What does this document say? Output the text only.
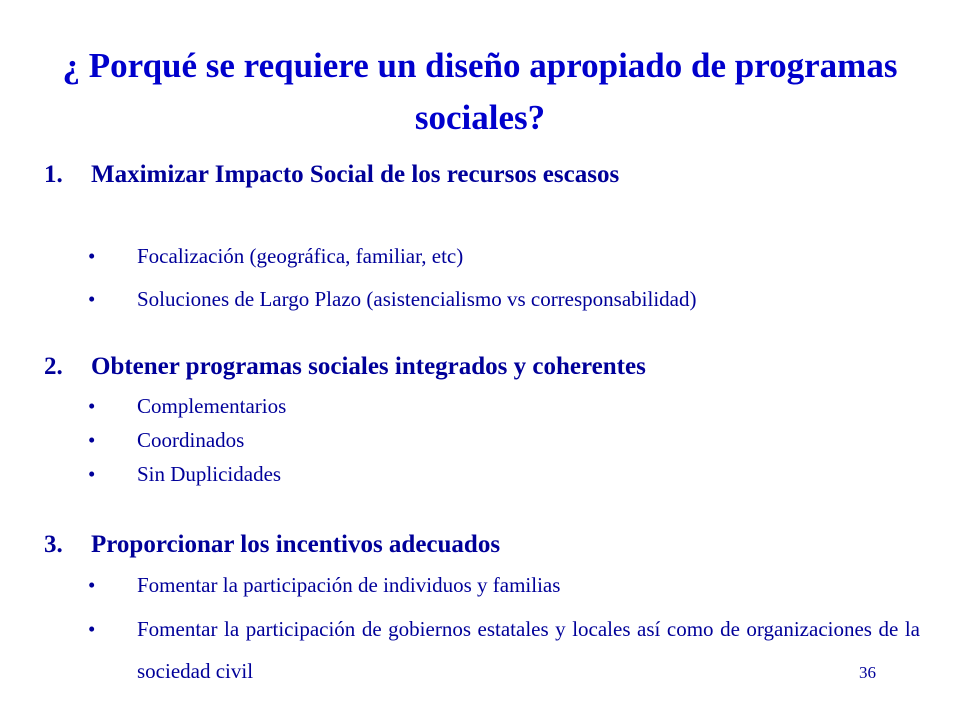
¿ Porqué se requiere un diseño apropiado de programas sociales?
1. Maximizar Impacto Social de los recursos escasos
• Focalización (geográfica, familiar, etc)
• Soluciones de Largo Plazo (asistencialismo vs corresponsabilidad)
2. Obtener programas sociales integrados y coherentes
• Complementarios
• Coordinados
• Sin Duplicidades
3. Proporcionar los incentivos adecuados
• Fomentar la participación de individuos y familias
• Fomentar la participación de gobiernos estatales y locales así como de organizaciones de la sociedad civil	36
